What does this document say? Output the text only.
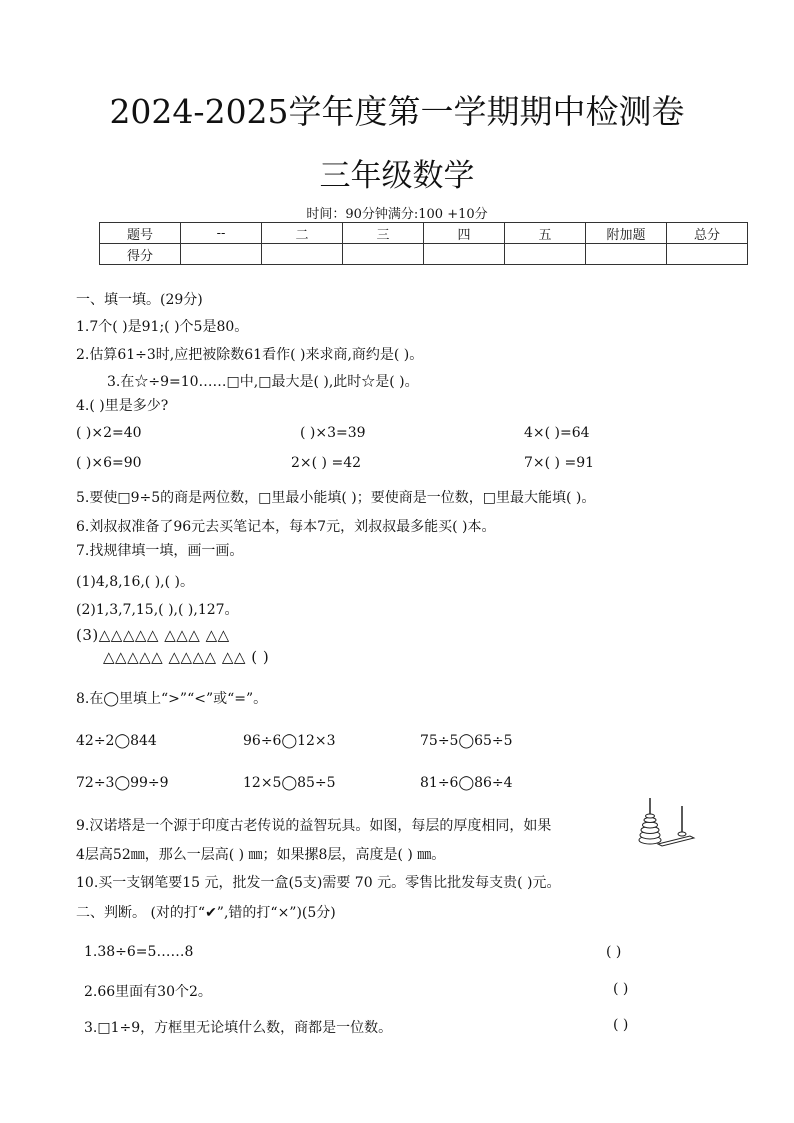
2024-2025学年度第一学期期中检测卷
三年级数学
时间：90分钟满分:100 +10分
题号	--	二	三	四	五	附加题	总分
得分							
一、填一填。(29分)
1.7个( )是91;( )个5是80。
2.估算61÷3时,应把被除数61看作( )来求商,商约是( )。
3.在☆÷9=10……□中,□最大是( ),此时☆是( )。
4.( )里是多少?
( )×2=40	( )×3=39	4×( )=64
( )×6=90	2×( ) =42	7×( ) =91
5.要使□9÷5的商是两位数，□里最小能填( )；要使商是一位数，□里最大能填( )。
6.刘叔叔准备了96元去买笔记本，每本7元，刘叔叔最多能买( )本。
7.找规律填一填，画一画。
(1)4,8,16,( ),( )。
(2)1,3,7,15,( ),( ),127。
(3)△△△△△ △△△ △△
△△△△△ △△△△ △△ ( )
8.在◯里填上“>”“<”或“=”。
42÷2◯844	96÷6◯12×3	75÷5◯65÷5
72÷3◯99÷9	12×5◯85÷5	81÷6◯86÷4
9.汉诺塔是一个源于印度古老传说的益智玩具。如图，每层的厚度相同，如果
4层高52㎜，那么一层高( ) ㎜；如果摞8层，高度是( ) ㎜。
10.买一支钢笔要15 元，批发一盒(5支)需要 70 元。零售比批发每支贵( )元。
二、判断。 (对的打“✔”,错的打“×”)(5分)
1.38÷6=5……8	( )
2.66里面有30个2。	( )
3.□1÷9，方框里无论填什么数，商都是一位数。	( )
